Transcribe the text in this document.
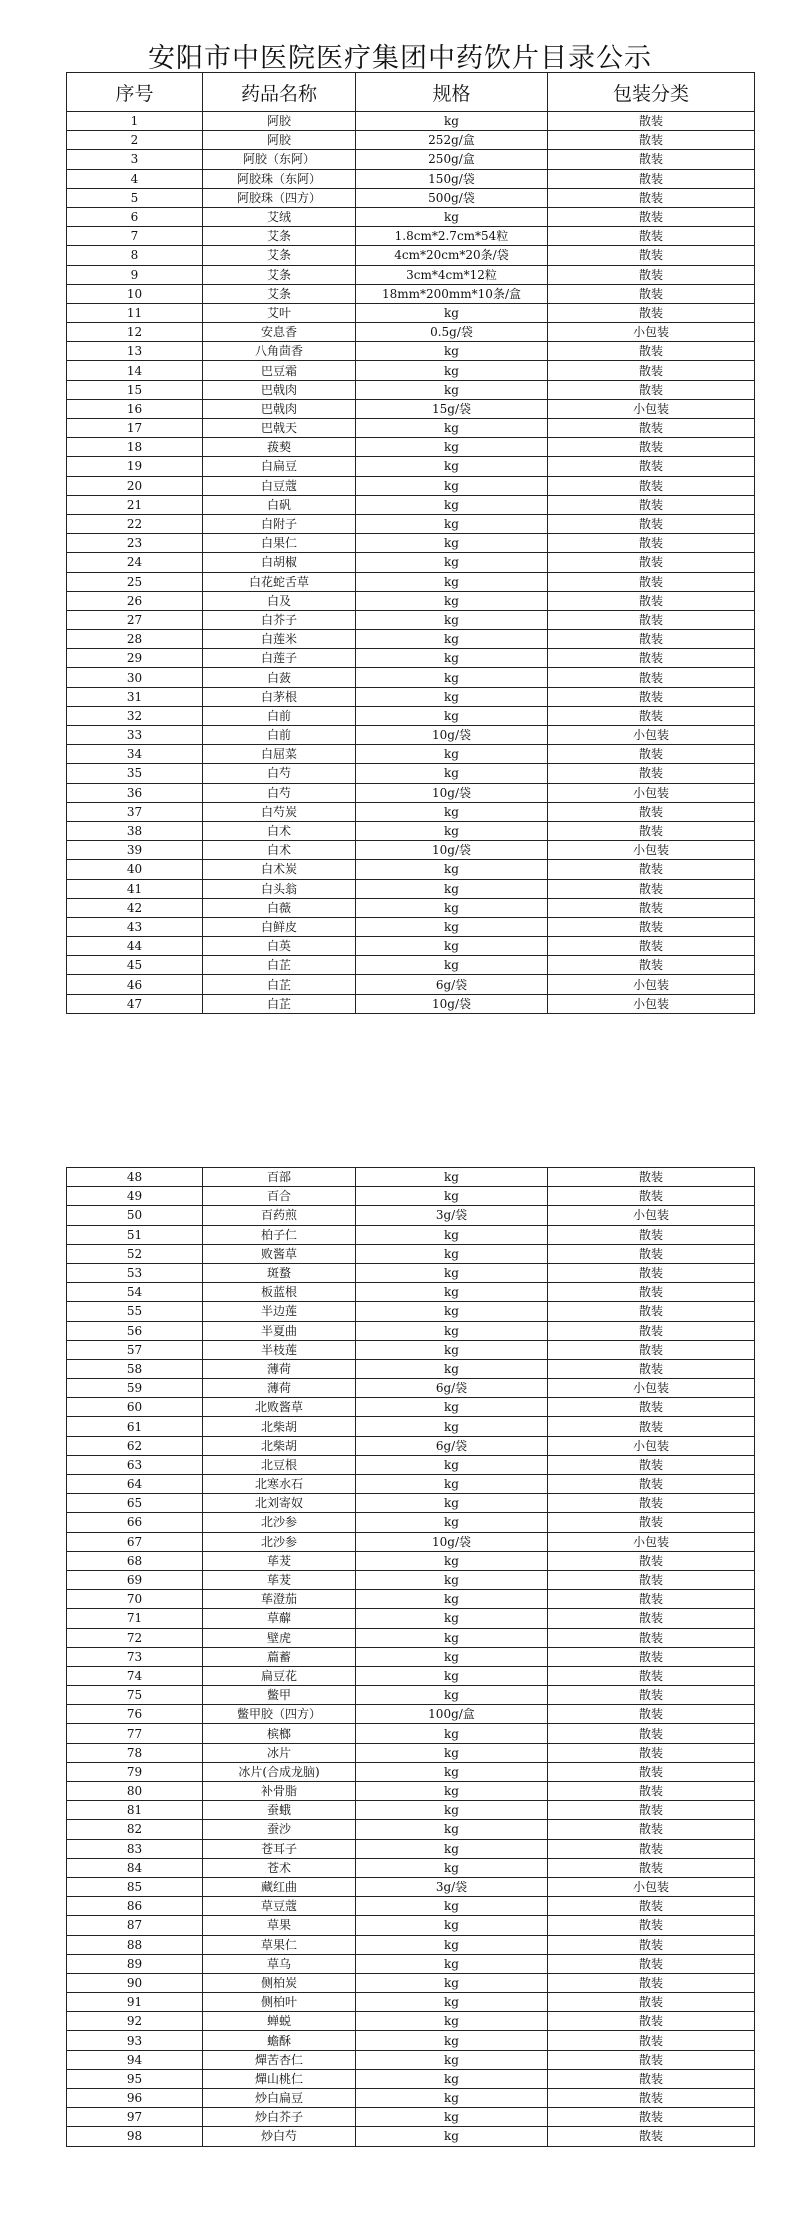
安阳市中医院医疗集团中药饮片目录公示
序号	药品名称	规格	包装分类
1	阿胶	kg	散装
2	阿胶	252g/盒	散装
3	阿胶（东阿）	250g/盒	散装
4	阿胶珠（东阿）	150g/袋	散装
5	阿胶珠（四方）	500g/袋	散装
6	艾绒	kg	散装
7	艾条	1.8cm*2.7cm*54粒	散装
8	艾条	4cm*20cm*20条/袋	散装
9	艾条	3cm*4cm*12粒	散装
10	艾条	18mm*200mm*10条/盒	散装
11	艾叶	kg	散装
12	安息香	0.5g/袋	小包装
13	八角茴香	kg	散装
14	巴豆霜	kg	散装
15	巴戟肉	kg	散装
16	巴戟肉	15g/袋	小包装
17	巴戟天	kg	散装
18	菝葜	kg	散装
19	白扁豆	kg	散装
20	白豆蔻	kg	散装
21	白矾	kg	散装
22	白附子	kg	散装
23	白果仁	kg	散装
24	白胡椒	kg	散装
25	白花蛇舌草	kg	散装
26	白及	kg	散装
27	白芥子	kg	散装
28	白莲米	kg	散装
29	白莲子	kg	散装
30	白蔹	kg	散装
31	白茅根	kg	散装
32	白前	kg	散装
33	白前	10g/袋	小包装
34	白屈菜	kg	散装
35	白芍	kg	散装
36	白芍	10g/袋	小包装
37	白芍炭	kg	散装
38	白术	kg	散装
39	白术	10g/袋	小包装
40	白术炭	kg	散装
41	白头翁	kg	散装
42	白薇	kg	散装
43	白鲜皮	kg	散装
44	白英	kg	散装
45	白芷	kg	散装
46	白芷	6g/袋	小包装
47	白芷	10g/袋	小包装
48	百部	kg	散装
49	百合	kg	散装
50	百药煎	3g/袋	小包装
51	柏子仁	kg	散装
52	败酱草	kg	散装
53	斑蝥	kg	散装
54	板蓝根	kg	散装
55	半边莲	kg	散装
56	半夏曲	kg	散装
57	半枝莲	kg	散装
58	薄荷	kg	散装
59	薄荷	6g/袋	小包装
60	北败酱草	kg	散装
61	北柴胡	kg	散装
62	北柴胡	6g/袋	小包装
63	北豆根	kg	散装
64	北寒水石	kg	散装
65	北刘寄奴	kg	散装
66	北沙参	kg	散装
67	北沙参	10g/袋	小包装
68	荜茇	kg	散装
69	荜茇	kg	散装
70	荜澄茄	kg	散装
71	草薢	kg	散装
72	壁虎	kg	散装
73	萹蓄	kg	散装
74	扁豆花	kg	散装
75	鳖甲	kg	散装
76	鳖甲胶（四方）	100g/盒	散装
77	槟榔	kg	散装
78	冰片	kg	散装
79	冰片(合成龙脑)	kg	散装
80	补骨脂	kg	散装
81	蚕蛾	kg	散装
82	蚕沙	kg	散装
83	苍耳子	kg	散装
84	苍术	kg	散装
85	藏红曲	3g/袋	小包装
86	草豆蔻	kg	散装
87	草果	kg	散装
88	草果仁	kg	散装
89	草乌	kg	散装
90	侧柏炭	kg	散装
91	侧柏叶	kg	散装
92	蝉蜕	kg	散装
93	蟾酥	kg	散装
94	燀苦杏仁	kg	散装
95	燀山桃仁	kg	散装
96	炒白扁豆	kg	散装
97	炒白芥子	kg	散装
98	炒白芍	kg	散装
